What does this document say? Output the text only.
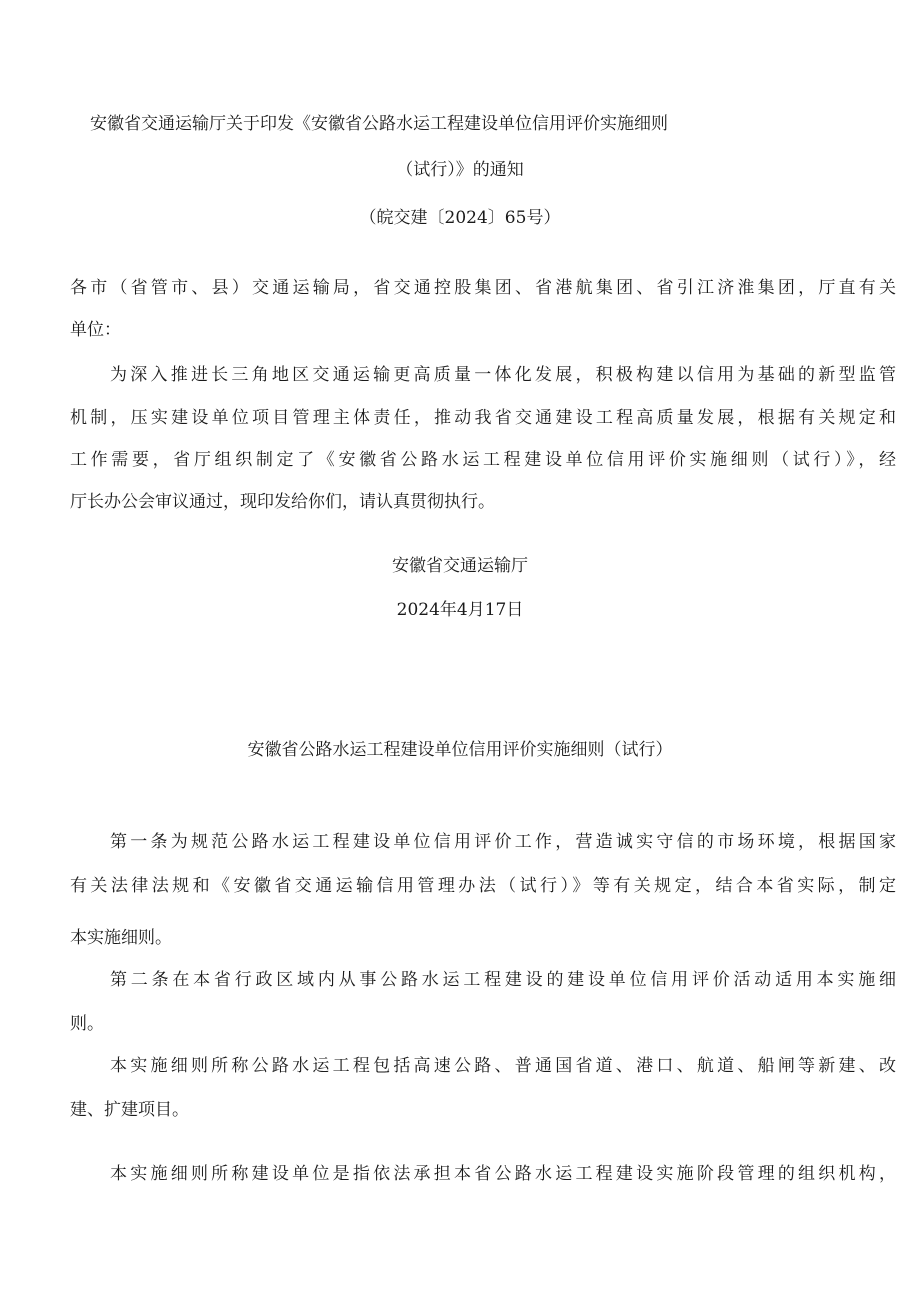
安徽省交通运输厅关于印发《安徽省公路水运工程建设单位信用评价实施细则

（试行）》的通知

（皖交建〔2024〕65号）

各市（省管市、县）交通运输局，省交通控股集团、省港航集团、省引江济淮集团，厅直有关

单位：

为深入推进长三角地区交通运输更高质量一体化发展，积极构建以信用为基础的新型监管

机制，压实建设单位项目管理主体责任，推动我省交通建设工程高质量发展，根据有关规定和

工作需要，省厅组织制定了《安徽省公路水运工程建设单位信用评价实施细则（试行）》，经

厅长办公会审议通过，现印发给你们，请认真贯彻执行。

安徽省交通运输厅

2024年4月17日

安徽省公路水运工程建设单位信用评价实施细则（试行）

第一条为规范公路水运工程建设单位信用评价工作，营造诚实守信的市场环境，根据国家

有关法律法规和《安徽省交通运输信用管理办法（试行）》等有关规定，结合本省实际，制定

本实施细则。

第二条在本省行政区域内从事公路水运工程建设的建设单位信用评价活动适用本实施细

则。

本实施细则所称公路水运工程包括高速公路、普通国省道、港口、航道、船闸等新建、改

建、扩建项目。

本实施细则所称建设单位是指依法承担本省公路水运工程建设实施阶段管理的组织机构，
